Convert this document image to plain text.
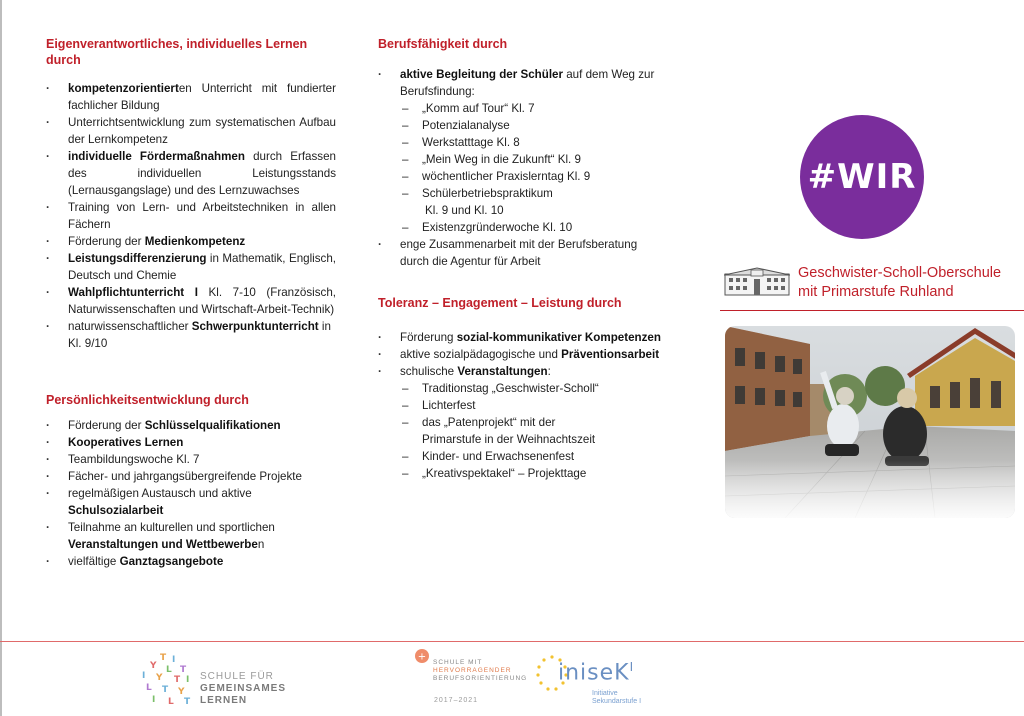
Eigenverantwortliches, individuelles Lernen durch
· kompetenzorientierten Unterricht mit fundierter fachlicher Bildung
· Unterrichtsentwicklung zum systematischen Aufbau der Lernkompetenz
· individuelle Fördermaßnahmen durch Erfassen des individuellen Leistungsstands (Lernausgangslage) und des Lernzuwachses
· Training von Lern- und Arbeitstechniken in allen Fächern
· Förderung der Medienkompetenz
· Leistungsdifferenzierung in Mathematik, Englisch, Deutsch und Chemie
· Wahlpflichtunterricht I Kl. 7-10 (Französisch, Naturwissenschaften und Wirtschaft-Arbeit-Technik)
· naturwissenschaftlicher Schwerpunktunterricht in Kl. 9/10
Persönlichkeitsentwicklung durch
· Förderung der Schlüsselqualifikationen
· Kooperatives Lernen
· Teambildungswoche Kl. 7
· Fächer- und jahrgangsübergreifende Projekte
· regelmäßigen Austausch und aktive Schulsozialarbeit
· Teilnahme an kulturellen und sportlichen Veranstaltungen und Wettbewerben
· vielfältige Ganztagsangebote
Berufsfähigkeit durch
· aktive Begleitung der Schüler auf dem Weg zur Berufsfindung:
– „Komm auf Tour“ Kl. 7
– Potenzialanalyse
– Werkstatttage Kl. 8
– „Mein Weg in die Zukunft“ Kl. 9
– wöchentlicher Praxislerntag Kl. 9
– Schülerbetriebspraktikum
Kl. 9 und Kl. 10
– Existenzgründerwoche Kl. 10
· enge Zusammenarbeit mit der Berufsberatung durch die Agentur für Arbeit
Toleranz – Engagement – Leistung durch
· Förderung sozial-kommunikativer Kompetenzen
· aktive sozialpädagogische und Präventionsarbeit
· schulische Veranstaltungen:
– Traditionstag „Geschwister-Scholl“
– Lichterfest
– das „Patenprojekt“ mit der
Primarstufe in der Weihnachtszeit
– Kinder- und Erwachsenenfest
– „Kreativspektakel“ – Projekttage
#WIR
Geschwister-Scholl-Oberschule
mit Primarstufe Ruhland
T I
Y L T
I Y T I
L T Y
I L T
SCHULE FÜR
GEMEINSAMES
LERNEN
+ SCHULE MIT
HERVORRAGENDER
BERUFSORIENTIERUNG
2017–2021
iniseK$^I$
Initiative
Sekundarstufe I
